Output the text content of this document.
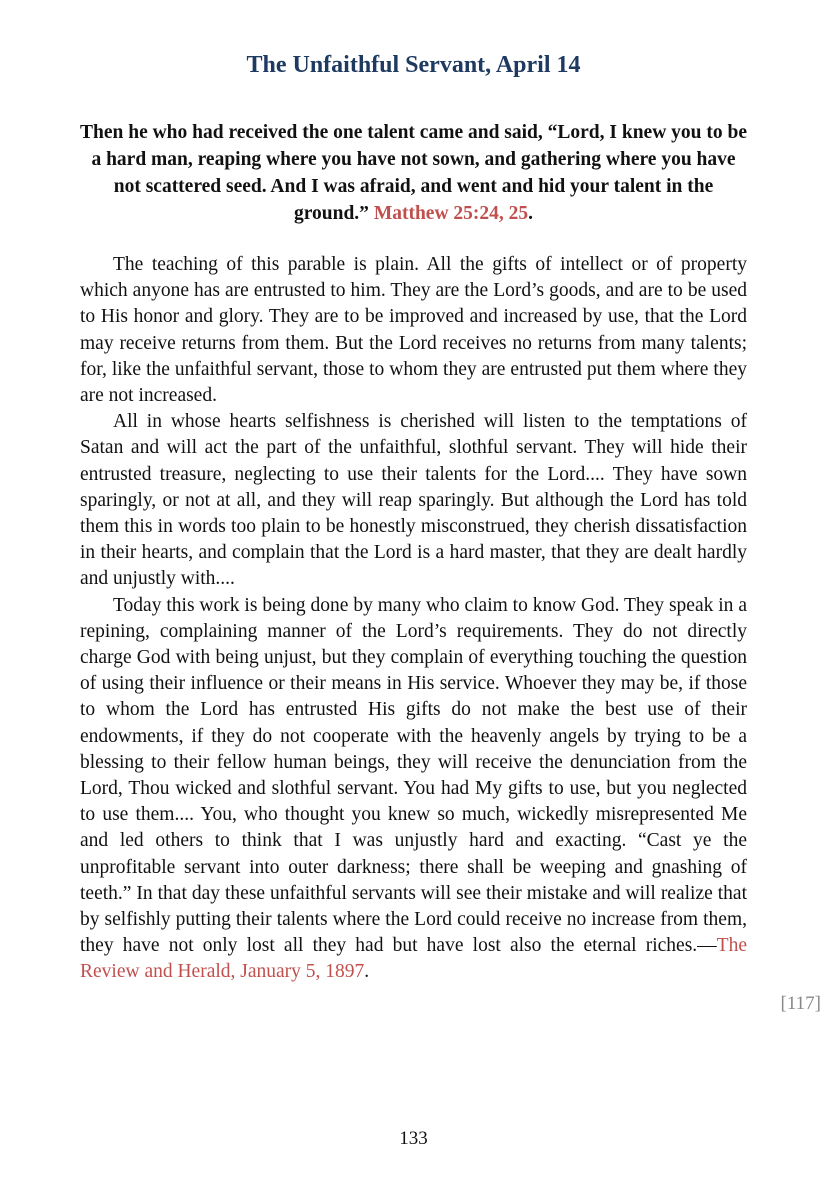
The Unfaithful Servant, April 14

Then he who had received the one talent came and said, “Lord, I knew you to be a hard man, reaping where you have not sown, and gathering where you have not scattered seed. And I was afraid, and went and hid your talent in the ground.” Matthew 25:24, 25.

The teaching of this parable is plain. All the gifts of intellect or of property which anyone has are entrusted to him. They are the Lord’s goods, and are to be used to His honor and glory. They are to be improved and increased by use, that the Lord may receive returns from them. But the Lord receives no returns from many talents; for, like the unfaithful servant, those to whom they are entrusted put them where they are not increased.

All in whose hearts selfishness is cherished will listen to the temptations of Satan and will act the part of the unfaithful, slothful servant. They will hide their entrusted treasure, neglecting to use their talents for the Lord.... They have sown sparingly, or not at all, and they will reap sparingly. But although the Lord has told them this in words too plain to be honestly misconstrued, they cherish dissatisfaction in their hearts, and complain that the Lord is a hard master, that they are dealt hardly and unjustly with....

Today this work is being done by many who claim to know God. They speak in a repining, complaining manner of the Lord’s requirements. They do not directly charge God with being unjust, but they complain of everything touching the question of using their influence or their means in His service. Whoever they may be, if those to whom the Lord has entrusted His gifts do not make the best use of their endowments, if they do not cooperate with the heavenly angels by trying to be a blessing to their fellow human beings, they will receive the denunciation from the Lord, Thou wicked and slothful servant. You had My gifts to use, but you neglected to use them.... You, who thought you knew so much, wickedly misrepresented Me and led others to think that I was unjustly hard and exacting. “Cast ye the unprofitable servant into outer darkness; there shall be weeping and gnashing of teeth.” In that day these unfaithful servants will see their mistake and will realize that by selfishly putting their talents where the Lord could receive no increase from them, they have not only lost all they had but have lost also the eternal riches.—The Review and Herald, January 5, 1897.

[117]
133
